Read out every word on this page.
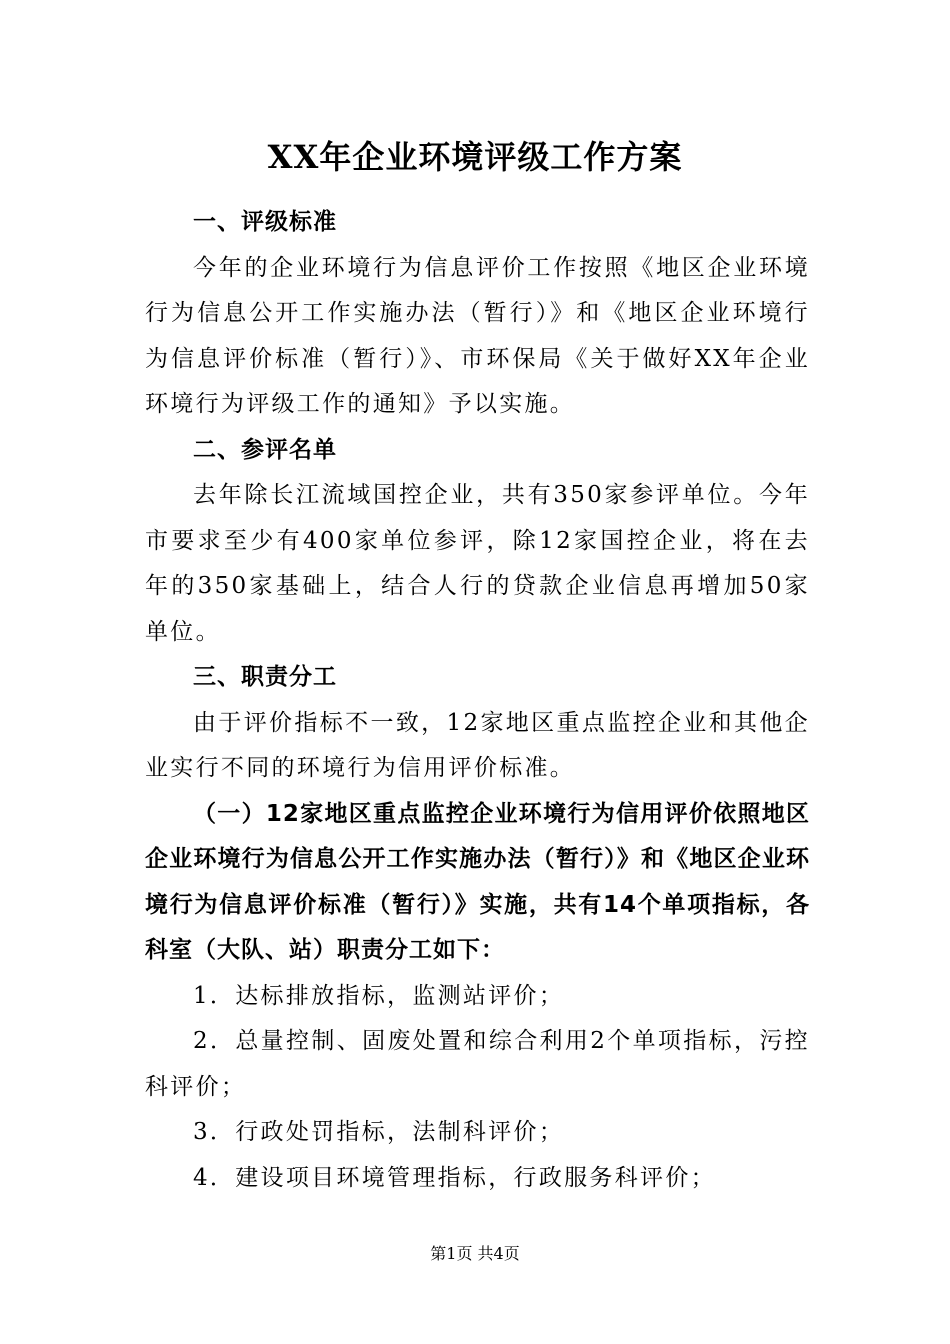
XX年企业环境评级工作方案

一、评级标准

今年的企业环境行为信息评价工作按照《地区企业环境行为信息公开工作实施办法（暂行）》和《地区企业环境行为信息评价标准（暂行）》、市环保局《关于做好XX年企业环境行为评级工作的通知》予以实施。

二、参评名单

去年除长江流域国控企业，共有350家参评单位。今年市要求至少有400家单位参评，除12家国控企业，将在去年的350家基础上，结合人行的贷款企业信息再增加50家单位。

三、职责分工

由于评价指标不一致，12家地区重点监控企业和其他企业实行不同的环境行为信用评价标准。

（一）12家地区重点监控企业环境行为信用评价依照地区企业环境行为信息公开工作实施办法（暂行）》和《地区企业环境行为信息评价标准（暂行）》实施，共有14个单项指标，各科室（大队、站）职责分工如下：

1．达标排放指标，监测站评价；

2．总量控制、固废处置和综合利用2个单项指标，污控科评价；

3．行政处罚指标，法制科评价；

4．建设项目环境管理指标，行政服务科评价；

第1页 共4页
